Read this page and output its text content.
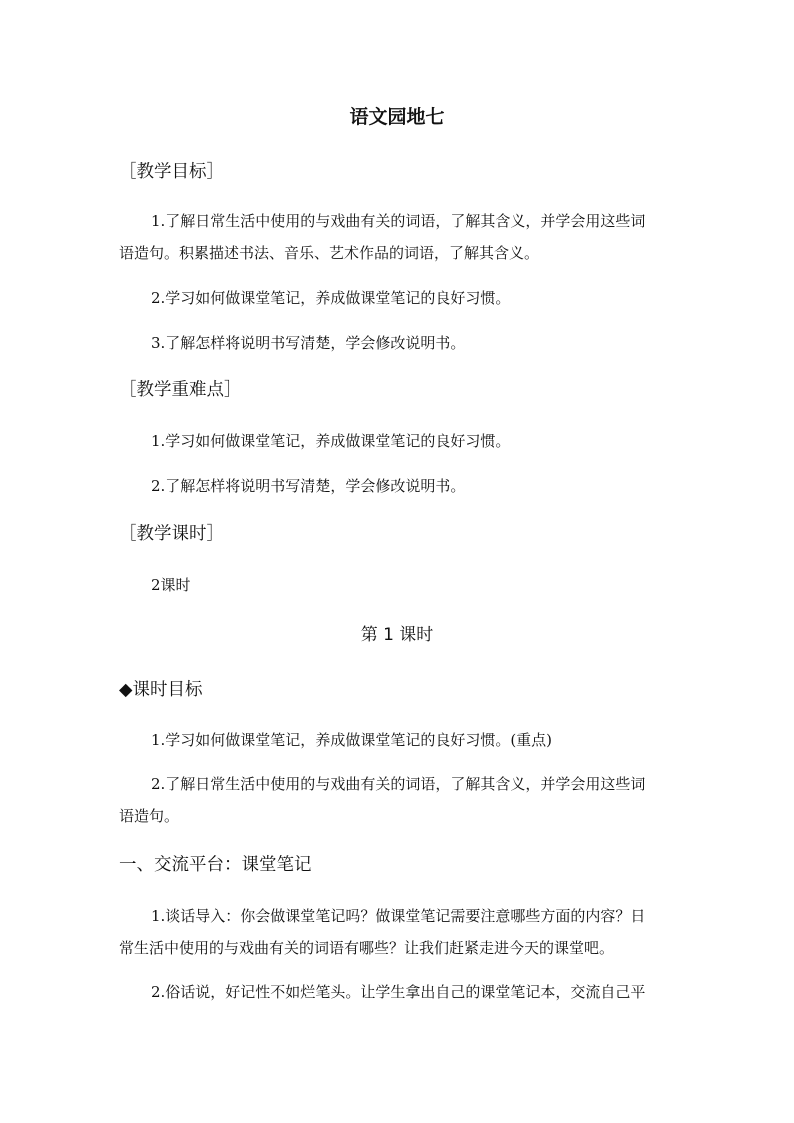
语文园地七
［教学目标］
1.了解日常生活中使用的与戏曲有关的词语，了解其含义，并学会用这些词
语造句。积累描述书法、音乐、艺术作品的词语，了解其含义。
2.学习如何做课堂笔记，养成做课堂笔记的良好习惯。
3.了解怎样将说明书写清楚，学会修改说明书。
［教学重难点］
1.学习如何做课堂笔记，养成做课堂笔记的良好习惯。
2.了解怎样将说明书写清楚，学会修改说明书。
［教学课时］
2课时
第 1 课时
◆课时目标
1.学习如何做课堂笔记，养成做课堂笔记的良好习惯。(重点)
2.了解日常生活中使用的与戏曲有关的词语，了解其含义，并学会用这些词
语造句。
一、交流平台：课堂笔记
1.谈话导入：你会做课堂笔记吗？做课堂笔记需要注意哪些方面的内容？日
常生活中使用的与戏曲有关的词语有哪些？让我们赶紧走进今天的课堂吧。
2.俗话说，好记性不如烂笔头。让学生拿出自己的课堂笔记本，交流自己平
